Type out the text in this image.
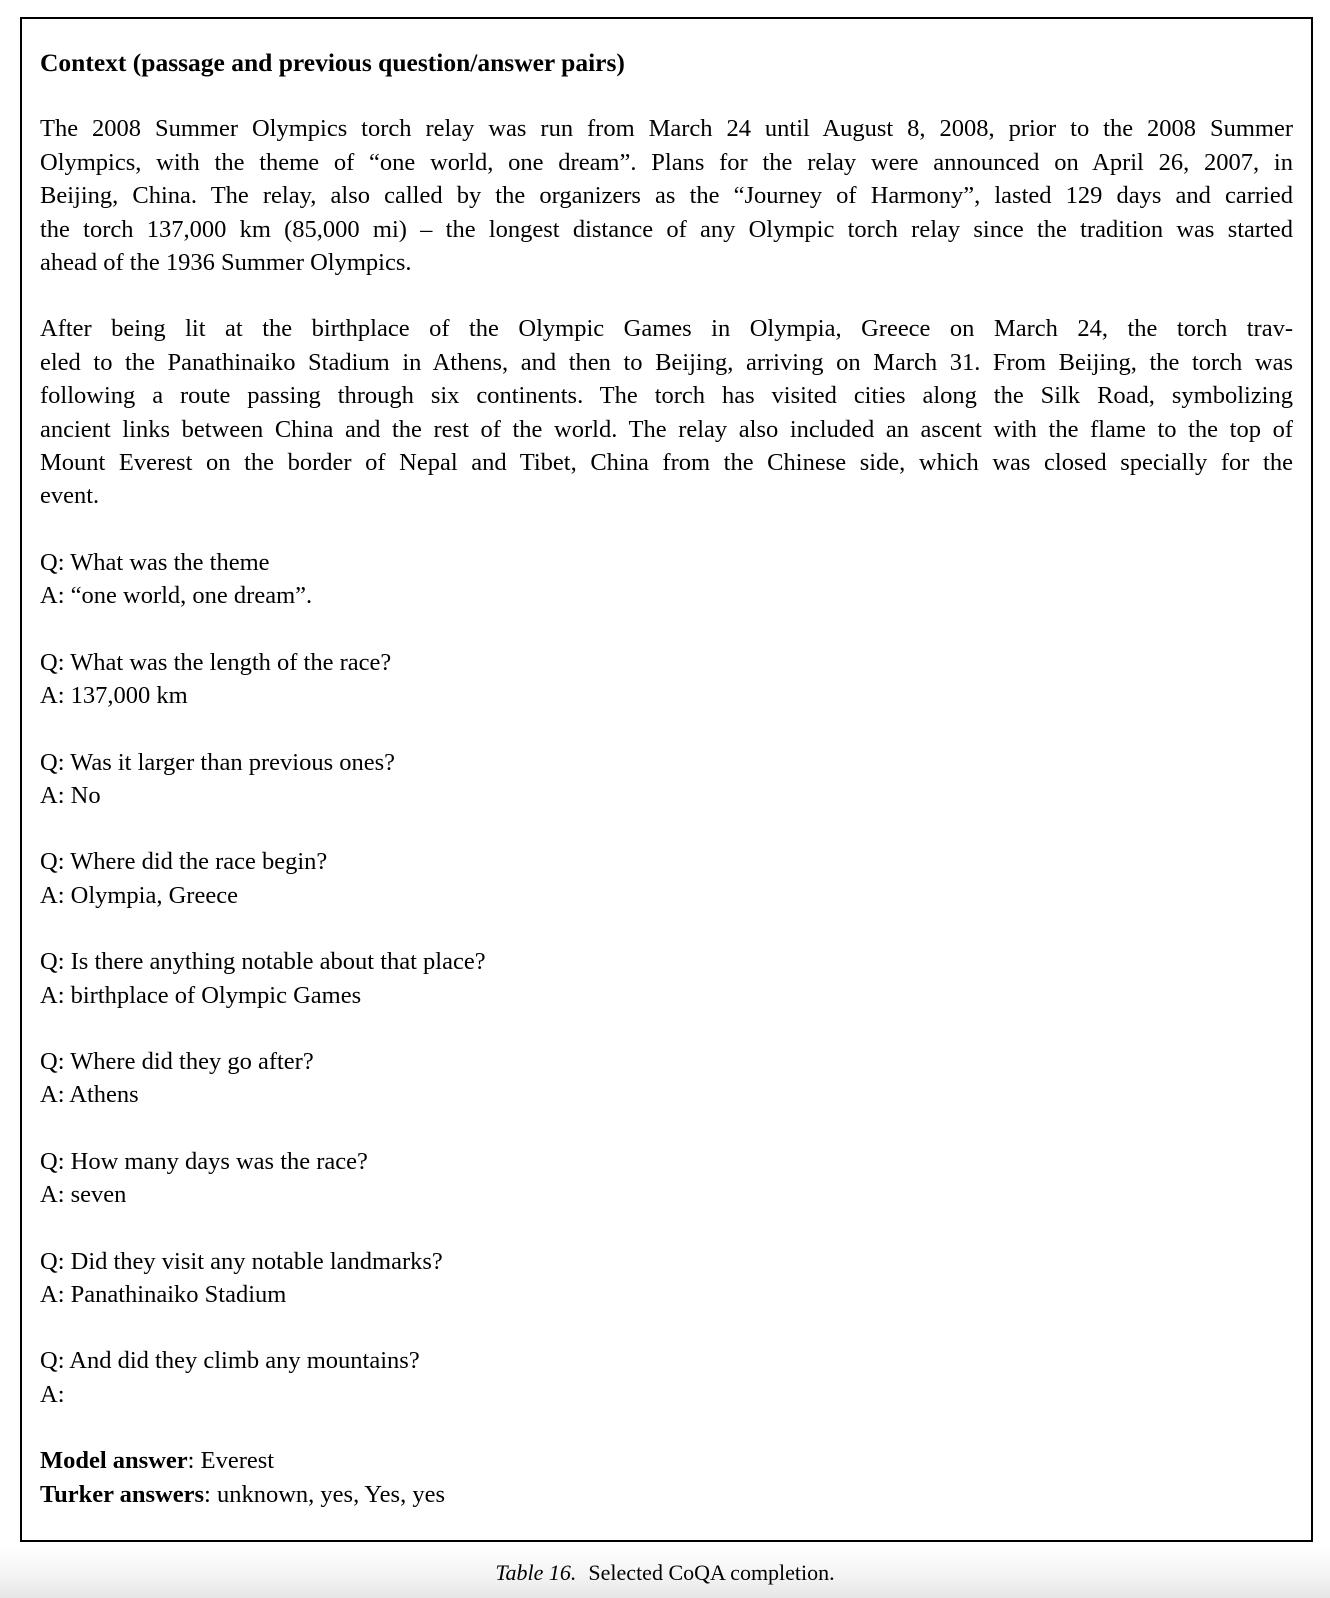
Context (passage and previous question/answer pairs)
The 2008 Summer Olympics torch relay was run from March 24 until August 8, 2008, prior to the 2008 Summer
Olympics, with the theme of “one world, one dream”. Plans for the relay were announced on April 26, 2007, in
Beijing, China. The relay, also called by the organizers as the “Journey of Harmony”, lasted 129 days and carried
the torch 137,000 km (85,000 mi) – the longest distance of any Olympic torch relay since the tradition was started
ahead of the 1936 Summer Olympics.
After being lit at the birthplace of the Olympic Games in Olympia, Greece on March 24, the torch trav-
eled to the Panathinaiko Stadium in Athens, and then to Beijing, arriving on March 31. From Beijing, the torch was
following a route passing through six continents. The torch has visited cities along the Silk Road, symbolizing
ancient links between China and the rest of the world. The relay also included an ascent with the flame to the top of
Mount Everest on the border of Nepal and Tibet, China from the Chinese side, which was closed specially for the
event.
Q: What was the theme
A: “one world, one dream”.
Q: What was the length of the race?
A: 137,000 km
Q: Was it larger than previous ones?
A: No
Q: Where did the race begin?
A: Olympia, Greece
Q: Is there anything notable about that place?
A: birthplace of Olympic Games
Q: Where did they go after?
A: Athens
Q: How many days was the race?
A: seven
Q: Did they visit any notable landmarks?
A: Panathinaiko Stadium
Q: And did they climb any mountains?
A:
Model answer: Everest
Turker answers: unknown, yes, Yes, yes
Table 16. Selected CoQA completion.
